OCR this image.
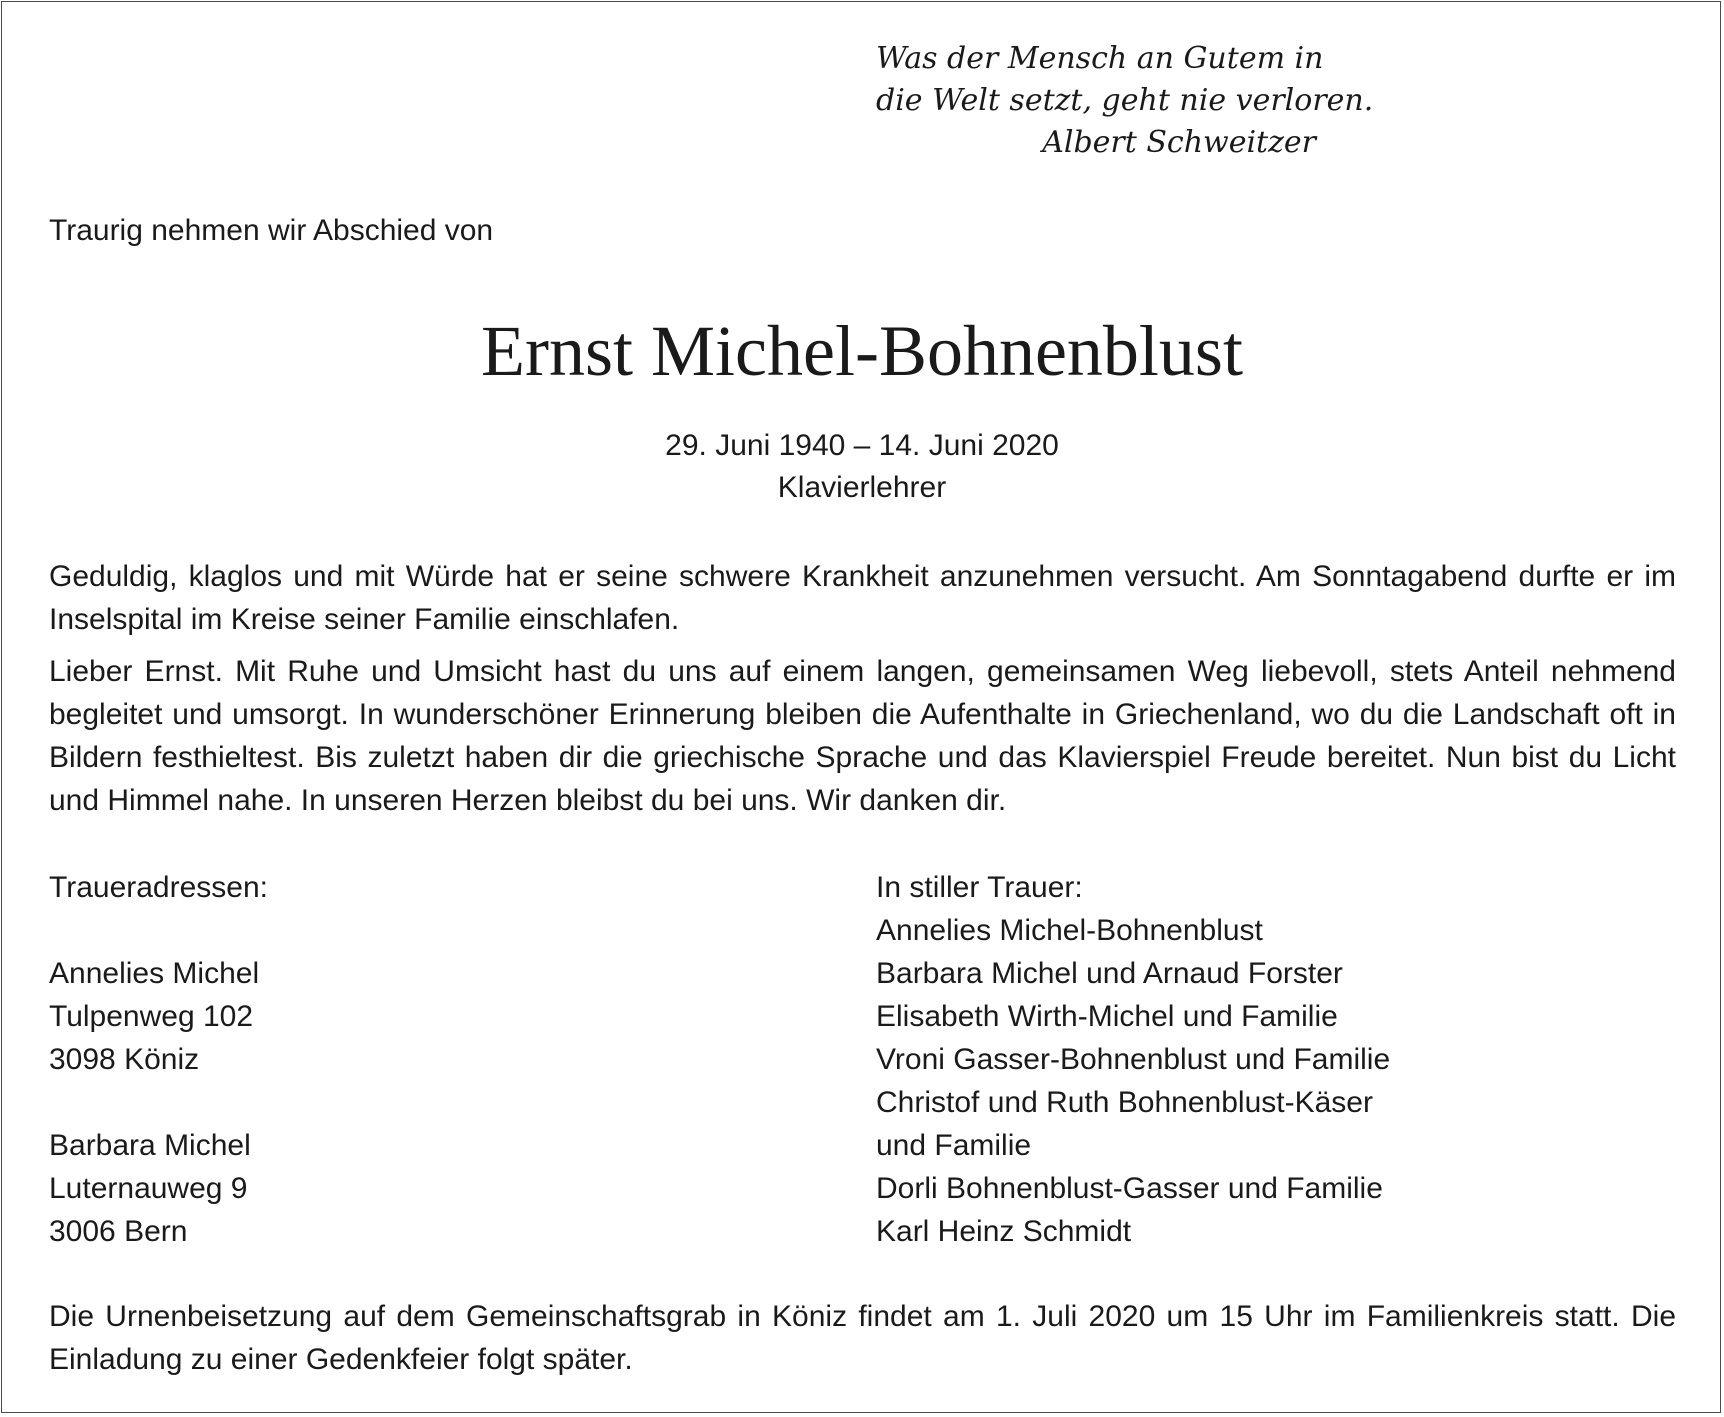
Was der Mensch an Gutem in
die Welt setzt, geht nie verloren.
Albert Schweitzer
Traurig nehmen wir Abschied von
Ernst Michel-Bohnenblust
29. Juni 1940 – 14. Juni 2020
Klavierlehrer
Geduldig, klaglos und mit Würde hat er seine schwere Krankheit anzunehmen versucht. Am Sonntagabend durfte er im Inselspital im Kreise seiner Familie einschlafen.
Lieber Ernst. Mit Ruhe und Umsicht hast du uns auf einem langen, gemeinsamen Weg liebevoll, stets Anteil nehmend begleitet und umsorgt. In wunderschöner Erinnerung bleiben die Aufenthalte in Griechenland, wo du die Landschaft oft in Bildern festhieltest. Bis zuletzt haben dir die griechische Sprache und das Klavierspiel Freude bereitet. Nun bist du Licht und Himmel nahe. In unseren Herzen bleibst du bei uns. Wir danken dir.
Traueradressen:
Annelies Michel
Tulpenweg 102
3098 Köniz
Barbara Michel
Luternauweg 9
3006 Bern
In stiller Trauer:
Annelies Michel-Bohnenblust
Barbara Michel und Arnaud Forster
Elisabeth Wirth-Michel und Familie
Vroni Gasser-Bohnenblust und Familie
Christof und Ruth Bohnenblust-Käser
und Familie
Dorli Bohnenblust-Gasser und Familie
Karl Heinz Schmidt
Die Urnenbeisetzung auf dem Gemeinschaftsgrab in Köniz findet am 1. Juli 2020 um 15 Uhr im Familienkreis statt. Die Einladung zu einer Gedenkfeier folgt später.
